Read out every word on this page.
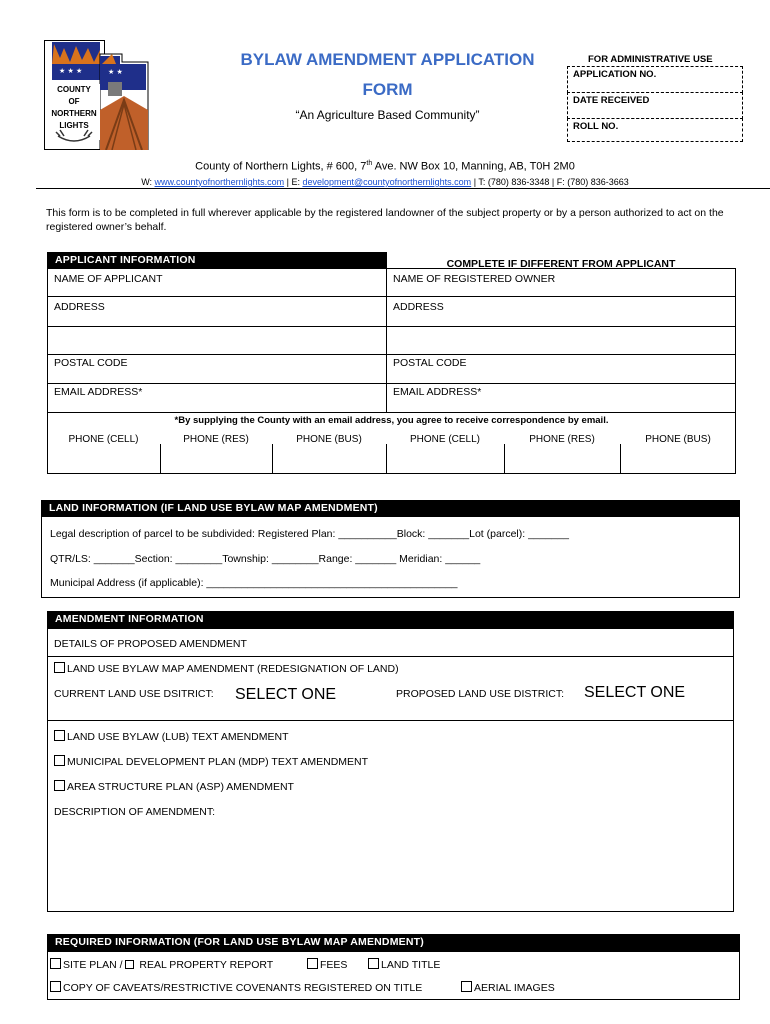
★ ★ ★	★ ★
COUNTY
OF
NORTHERN
LIGHTS
BYLAW AMENDMENT APPLICATION
FORM
“An Agriculture Based Community”
FOR ADMINISTRATIVE USE
APPLICATION NO.
DATE RECEIVED
ROLL NO.
County of Northern Lights, # 600, 7th Ave. NW Box 10, Manning, AB, T0H 2M0
W: www.countyofnorthernlights.com | E: development@countyofnorthernlights.com | T: (780) 836-3348 | F: (780) 836-3663
This form is to be completed in full wherever applicable by the registered landowner of the subject property or by a person authorized to act on the registered owner’s behalf.
APPLICANT INFORMATION	COMPLETE IF DIFFERENT FROM APPLICANT
NAME OF APPLICANT	NAME OF REGISTERED OWNER
ADDRESS	ADDRESS
POSTAL CODE	POSTAL CODE
EMAIL ADDRESS*	EMAIL ADDRESS*
*By supplying the County with an email address, you agree to receive correspondence by email.
PHONE (CELL)	PHONE (RES)	PHONE (BUS)	PHONE (CELL)	PHONE (RES)	PHONE (BUS)
LAND INFORMATION (IF LAND USE BYLAW MAP AMENDMENT)
Legal description of parcel to be subdivided: Registered Plan: __________Block: _______Lot (parcel): _______
QTR/LS: _______Section: ________Township: ________Range: _______ Meridian: ______
Municipal Address (if applicable): ___________________________________________
AMENDMENT INFORMATION
DETAILS OF PROPOSED AMENDMENT
LAND USE BYLAW MAP AMENDMENT (REDESIGNATION OF LAND)
CURRENT LAND USE DSITRICT: SELECT ONE	PROPOSED LAND USE DISTRICT: SELECT ONE
LAND USE BYLAW (LUB) TEXT AMENDMENT
MUNICIPAL DEVELOPMENT PLAN (MDP) TEXT AMENDMENT
AREA STRUCTURE PLAN (ASP) AMENDMENT
DESCRIPTION OF AMENDMENT:
REQUIRED INFORMATION (FOR LAND USE BYLAW MAP AMENDMENT)
SITE PLAN /  REAL PROPERTY REPORT	FEES	LAND TITLE
COPY OF CAVEATS/RESTRICTIVE COVENANTS REGISTERED ON TITLE	AERIAL IMAGES
